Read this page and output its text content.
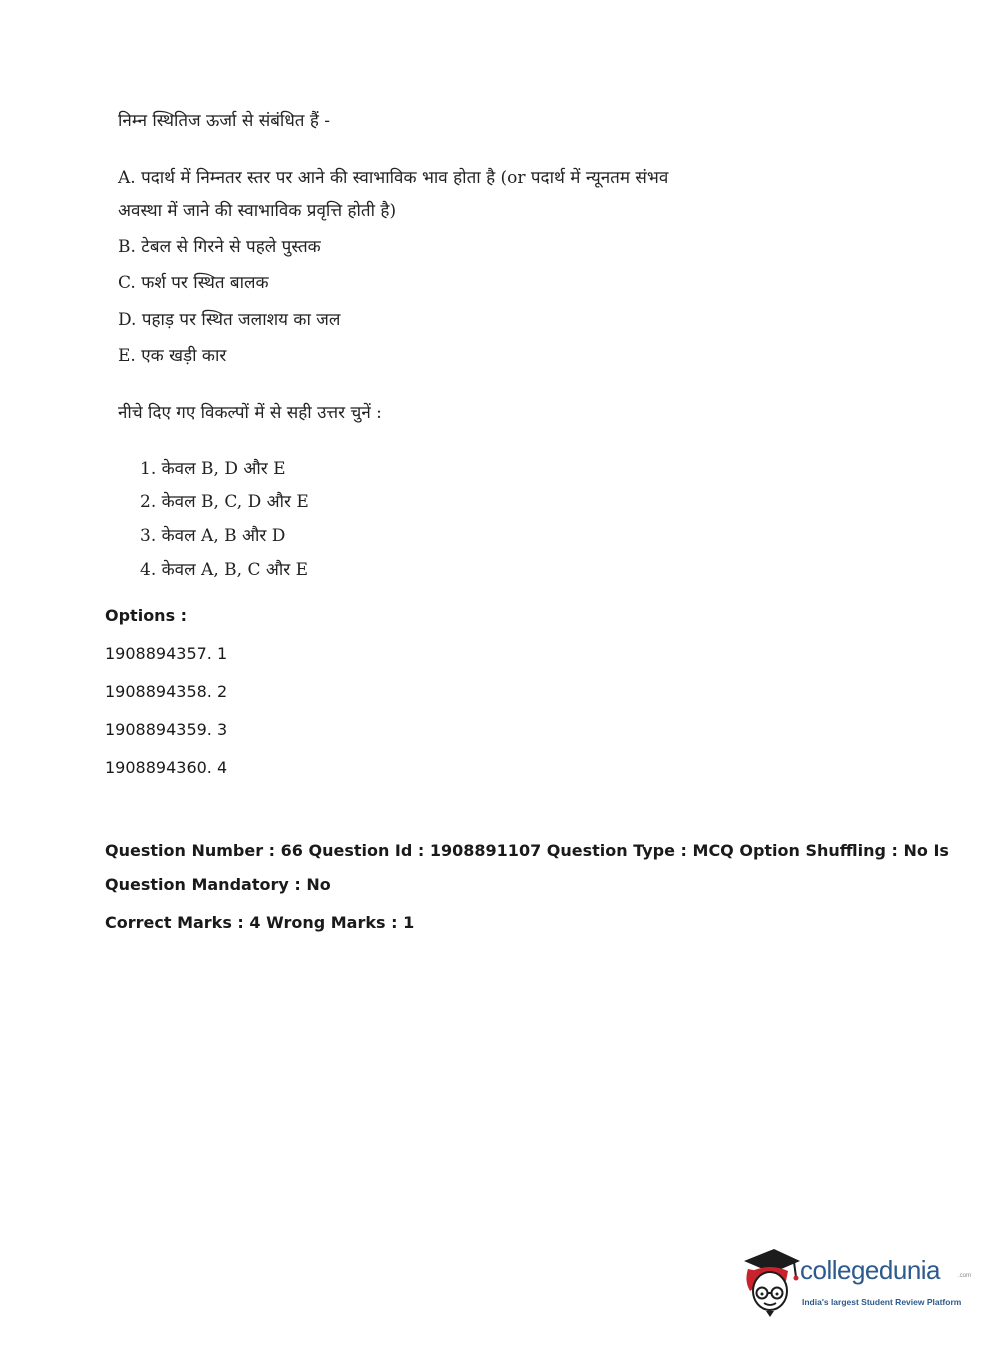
निम्न स्थितिज ऊर्जा से संबंधित हैं -
A. पदार्थ में निम्नतर स्तर पर आने की स्वाभाविक भाव होता है (or पदार्थ में न्यूनतम संभव
अवस्था में जाने की स्वाभाविक प्रवृत्ति होती है)
B. टेबल से गिरने से पहले पुस्तक
C. फर्श पर स्थित बालक
D. पहाड़ पर स्थित जलाशय का जल
E. एक खड़ी कार
नीचे दिए गए विकल्पों में से सही उत्तर चुनें :
1. केवल B, D और E
2. केवल B, C, D और E
3. केवल A, B और D
4. केवल A, B, C और E
Options :
1908894357. 1
1908894358. 2
1908894359. 3
1908894360. 4
Question Number : 66 Question Id : 1908891107 Question Type : MCQ Option Shuffling : No Is
Question Mandatory : No
Correct Marks : 4 Wrong Marks : 1
collegedunia	.com
India's largest Student Review Platform
